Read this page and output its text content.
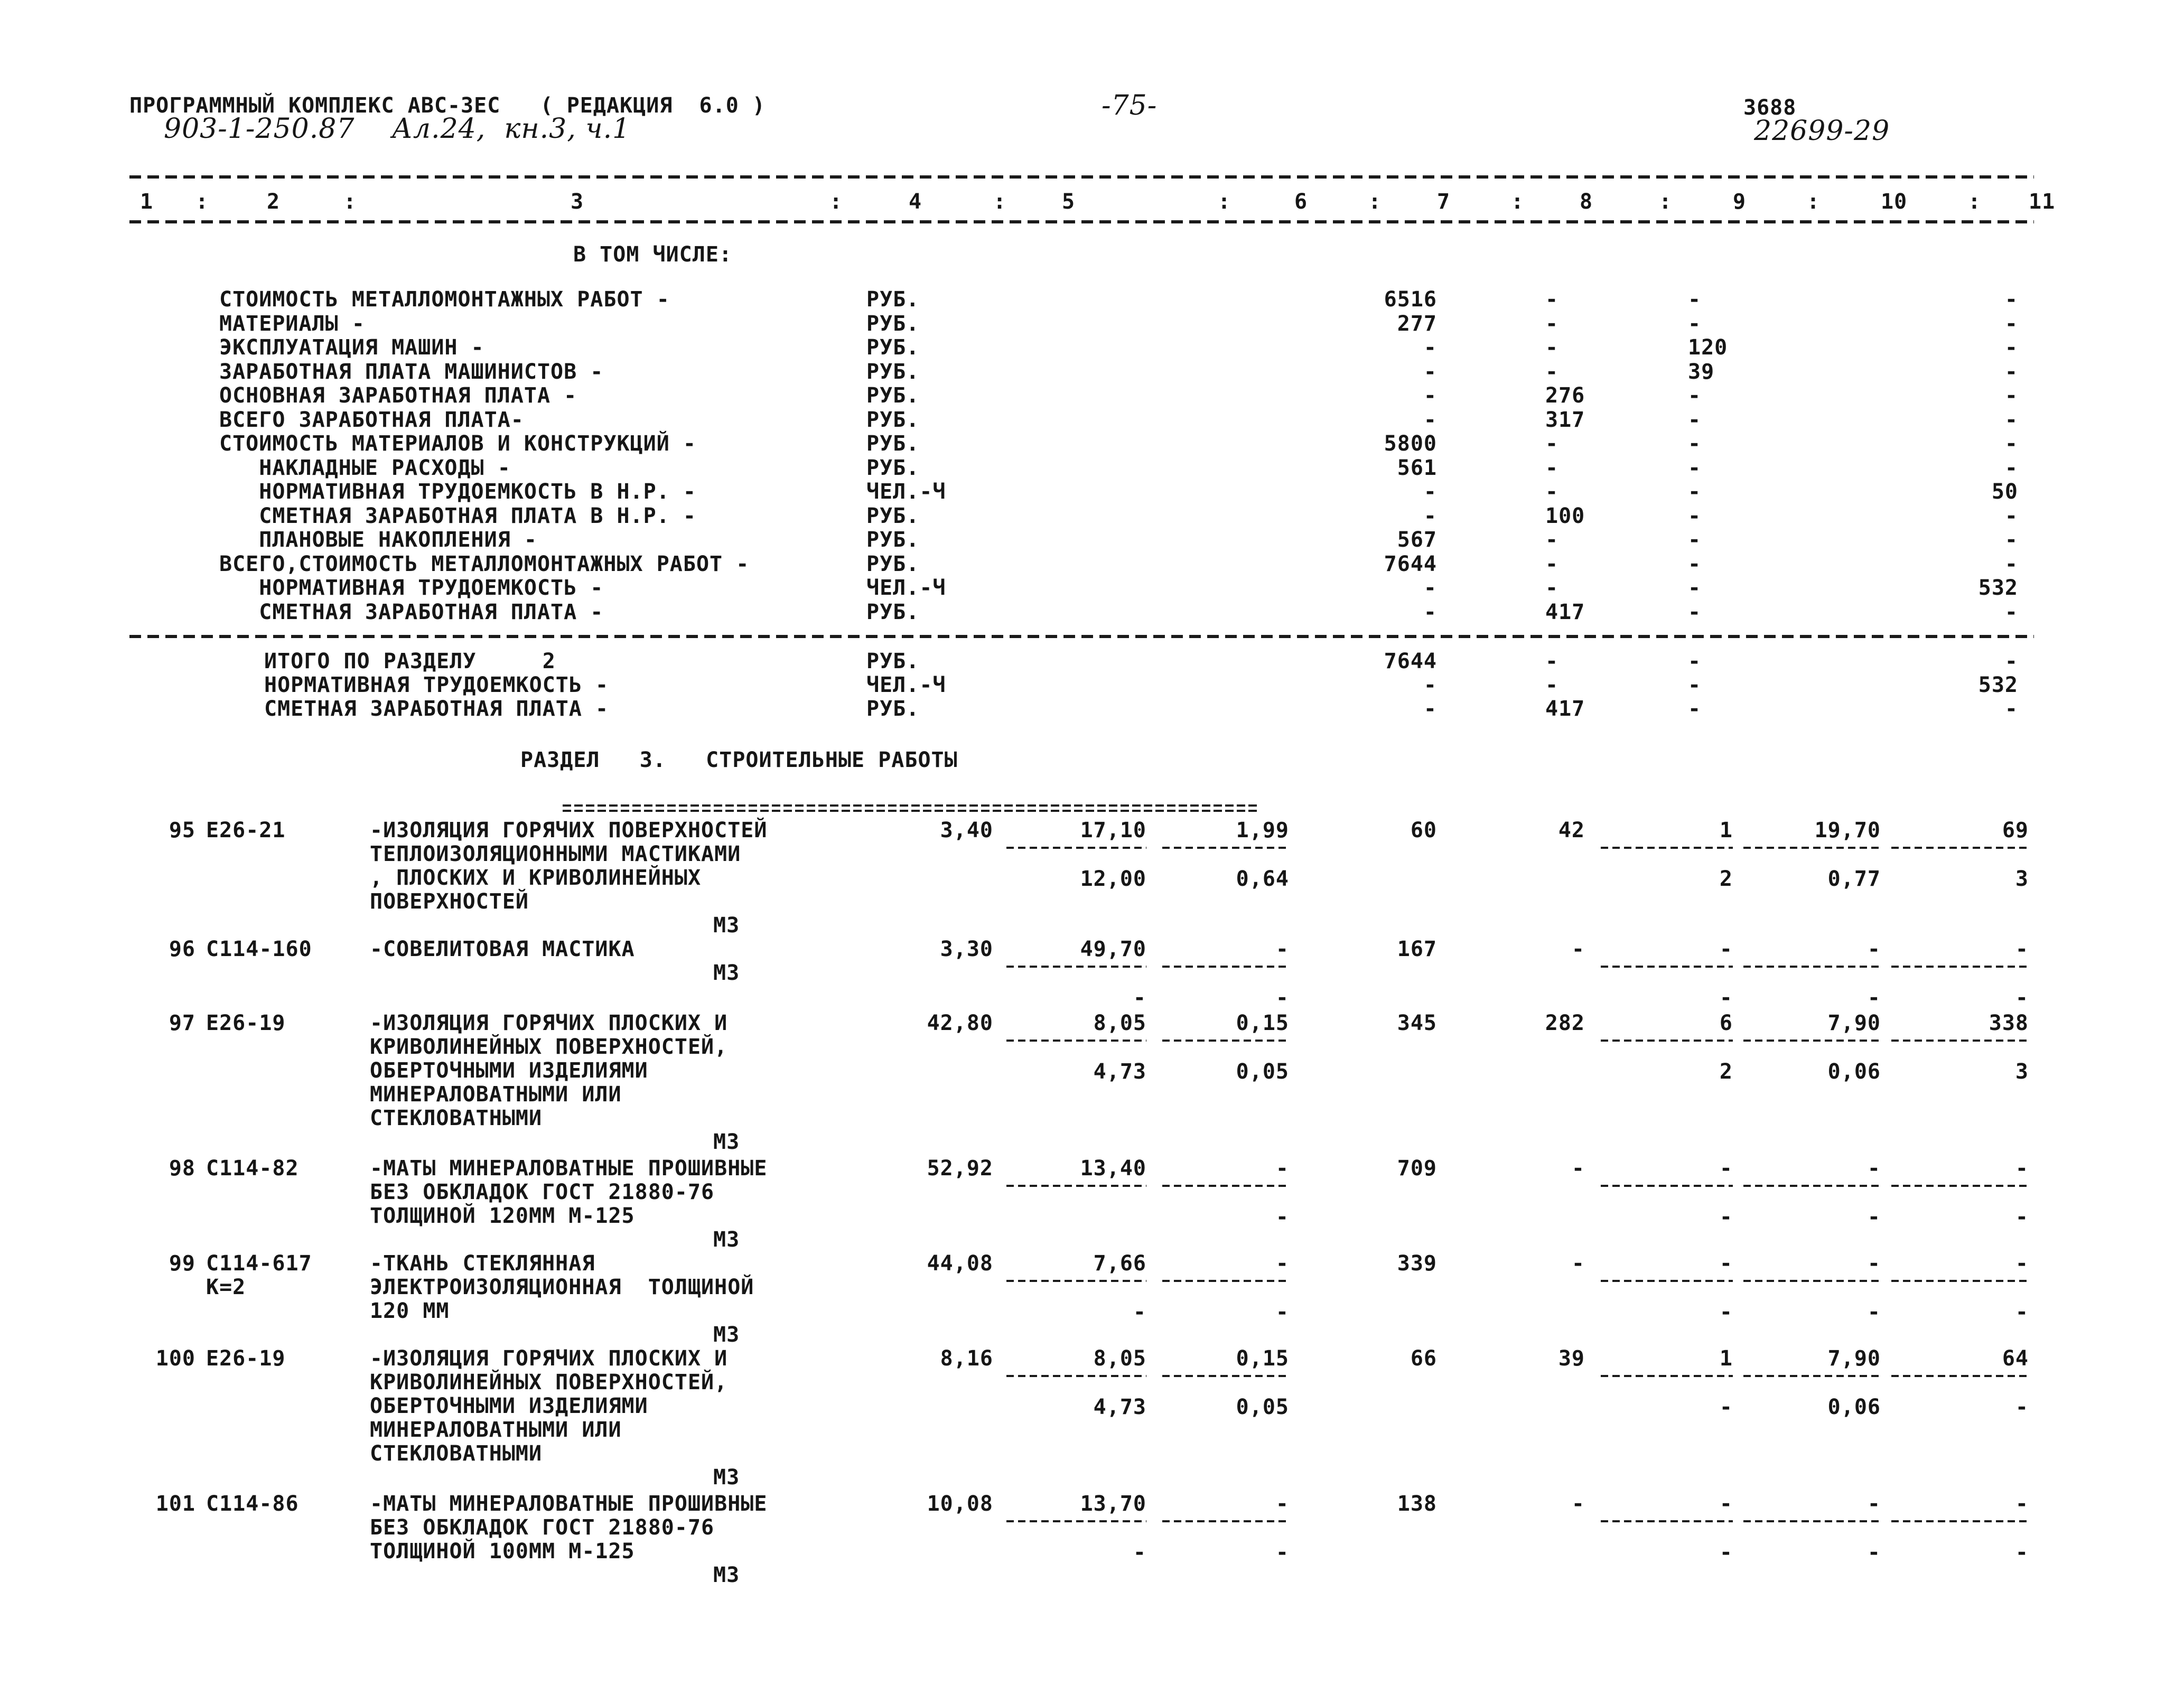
ПРОГРАММНЫЙ КОМПЛЕКС АВС-3ЕС   ( РЕДАКЦИЯ  6.0 )
903-1-250.87    Ал.24,  кн.3, ч.1
-75-	3688
22699-29
1 :	2	:	3	:	4	:	5	:	6	:	7	:	8	:	9	:	10	: 11
В ТОМ ЧИСЛЕ:
СТОИМОСТЬ МЕТАЛЛОМОНТАЖНЫХ РАБОТ -	РУБ.	6516	-	-	-
МАТЕРИАЛЫ -	РУБ.	277	-	-	-
ЭКСПЛУАТАЦИЯ МАШИН -	РУБ.	-	-	120	-
ЗАРАБОТНАЯ ПЛАТА МАШИНИСТОВ -	РУБ.	-	-	39	-
ОСНОВНАЯ ЗАРАБОТНАЯ ПЛАТА -	РУБ.	-	276	-	-
ВСЕГО ЗАРАБОТНАЯ ПЛАТА-	РУБ.	-	317	-	-
СТОИМОСТЬ МАТЕРИАЛОВ И КОНСТРУКЦИЙ -	РУБ.	5800	-	-	-
НАКЛАДНЫЕ РАСХОДЫ -	РУБ.	561	-	-	-
НОРМАТИВНАЯ ТРУДОЕМКОСТЬ В Н.Р. -	ЧЕЛ.-Ч	-	-	-	50
СМЕТНАЯ ЗАРАБОТНАЯ ПЛАТА В Н.Р. -	РУБ.	-	100	-	-
ПЛАНОВЫЕ НАКОПЛЕНИЯ -	РУБ.	567	-	-	-
ВСЕГО,СТОИМОСТЬ МЕТАЛЛОМОНТАЖНЫХ РАБОТ -	РУБ.	7644	-	-	-
НОРМАТИВНАЯ ТРУДОЕМКОСТЬ -	ЧЕЛ.-Ч	-	-	-	532
СМЕТНАЯ ЗАРАБОТНАЯ ПЛАТА -	РУБ.	-	417	-	-
ИТОГО ПО РАЗДЕЛУ     2	РУБ.	7644	-	-	-
НОРМАТИВНАЯ ТРУДОЕМКОСТЬ -	ЧЕЛ.-Ч	-	-	-	532
СМЕТНАЯ ЗАРАБОТНАЯ ПЛАТА -	РУБ.	-	417	-	-
РАЗДЕЛ   3.   СТРОИТЕЛЬНЫЕ РАБОТЫ
95 Е26-21	-ИЗОЛЯЦИЯ ГОРЯЧИХ ПОВЕРХНОСТЕЙ
ТЕПЛОИЗОЛЯЦИОННЫМИ МАСТИКАМИ
, ПЛОСКИХ И КРИВОЛИНЕЙНЫХ
ПОВЕРХНОСТЕЙ
М3
3,40	17,10	1,99	60	42	1	19,70	69
12,00	0,64	2	0,77	3
96 С114-160	-СОВЕЛИТОВАЯ МАСТИКА
М3
3,30	49,70	-	167	-	-	-	-
-	-	-	-	-
97 Е26-19	-ИЗОЛЯЦИЯ ГОРЯЧИХ ПЛОСКИХ И
КРИВОЛИНЕЙНЫХ ПОВЕРХНОСТЕЙ,
ОБЕРТОЧНЫМИ ИЗДЕЛИЯМИ
МИНЕРАЛОВАТНЫМИ ИЛИ
СТЕКЛОВАТНЫМИ
М3
42,80	8,05	0,15	345	282	6	7,90	338
4,73	0,05	2	0,06	3
98 С114-82	-МАТЫ МИНЕРАЛОВАТНЫЕ ПРОШИВНЫЕ
БЕЗ ОБКЛАДОК ГОСТ 21880-76
ТОЛЩИНОЙ 120ММ М-125
М3
52,92	13,40	-	709	-	-	-	-
-	-	-	-
99 С114-617
К=2
-ТКАНЬ СТЕКЛЯННАЯ
ЭЛЕКТРОИЗОЛЯЦИОННАЯ  ТОЛЩИНОЙ
120 ММ
М3
44,08	7,66	-	339	-	-	-	-
-	-	-	-	-
100 Е26-19	-ИЗОЛЯЦИЯ ГОРЯЧИХ ПЛОСКИХ И
КРИВОЛИНЕЙНЫХ ПОВЕРХНОСТЕЙ,
ОБЕРТОЧНЫМИ ИЗДЕЛИЯМИ
МИНЕРАЛОВАТНЫМИ ИЛИ
СТЕКЛОВАТНЫМИ
М3
8,16	8,05	0,15	66	39	1	7,90	64
4,73	0,05	-	0,06	-
101 С114-86	-МАТЫ МИНЕРАЛОВАТНЫЕ ПРОШИВНЫЕ
БЕЗ ОБКЛАДОК ГОСТ 21880-76
ТОЛЩИНОЙ 100ММ М-125
М3
10,08	13,70	-	138	-	-	-	-
-	-	-	-	-
